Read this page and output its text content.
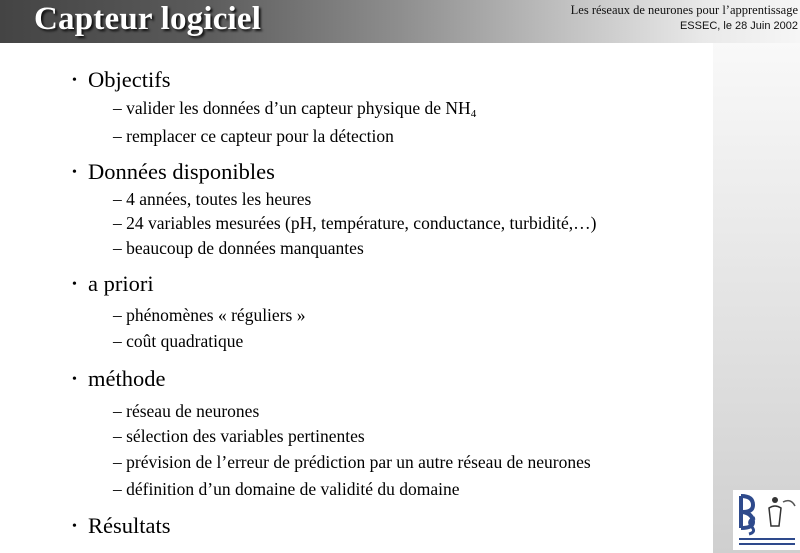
Capteur logiciel	Les réseaux de neurones pour l’apprentissage
ESSEC, le 28 Juin 2002
• Objectifs
– valider les données d’un capteur physique de $NH_4$
– remplacer ce capteur pour la détection
• Données disponibles
– 4 années, toutes les heures
– 24 variables mesurées (pH, température, conductance, turbidité,…)
– beaucoup de données manquantes
• a priori
– phénomènes « réguliers »
– coût quadratique
• méthode
– réseau de neurones
– sélection des variables pertinentes
– prévision de l’erreur de prédiction par un autre réseau de neurones
– définition d’un domaine de validité du domaine
• Résultats
